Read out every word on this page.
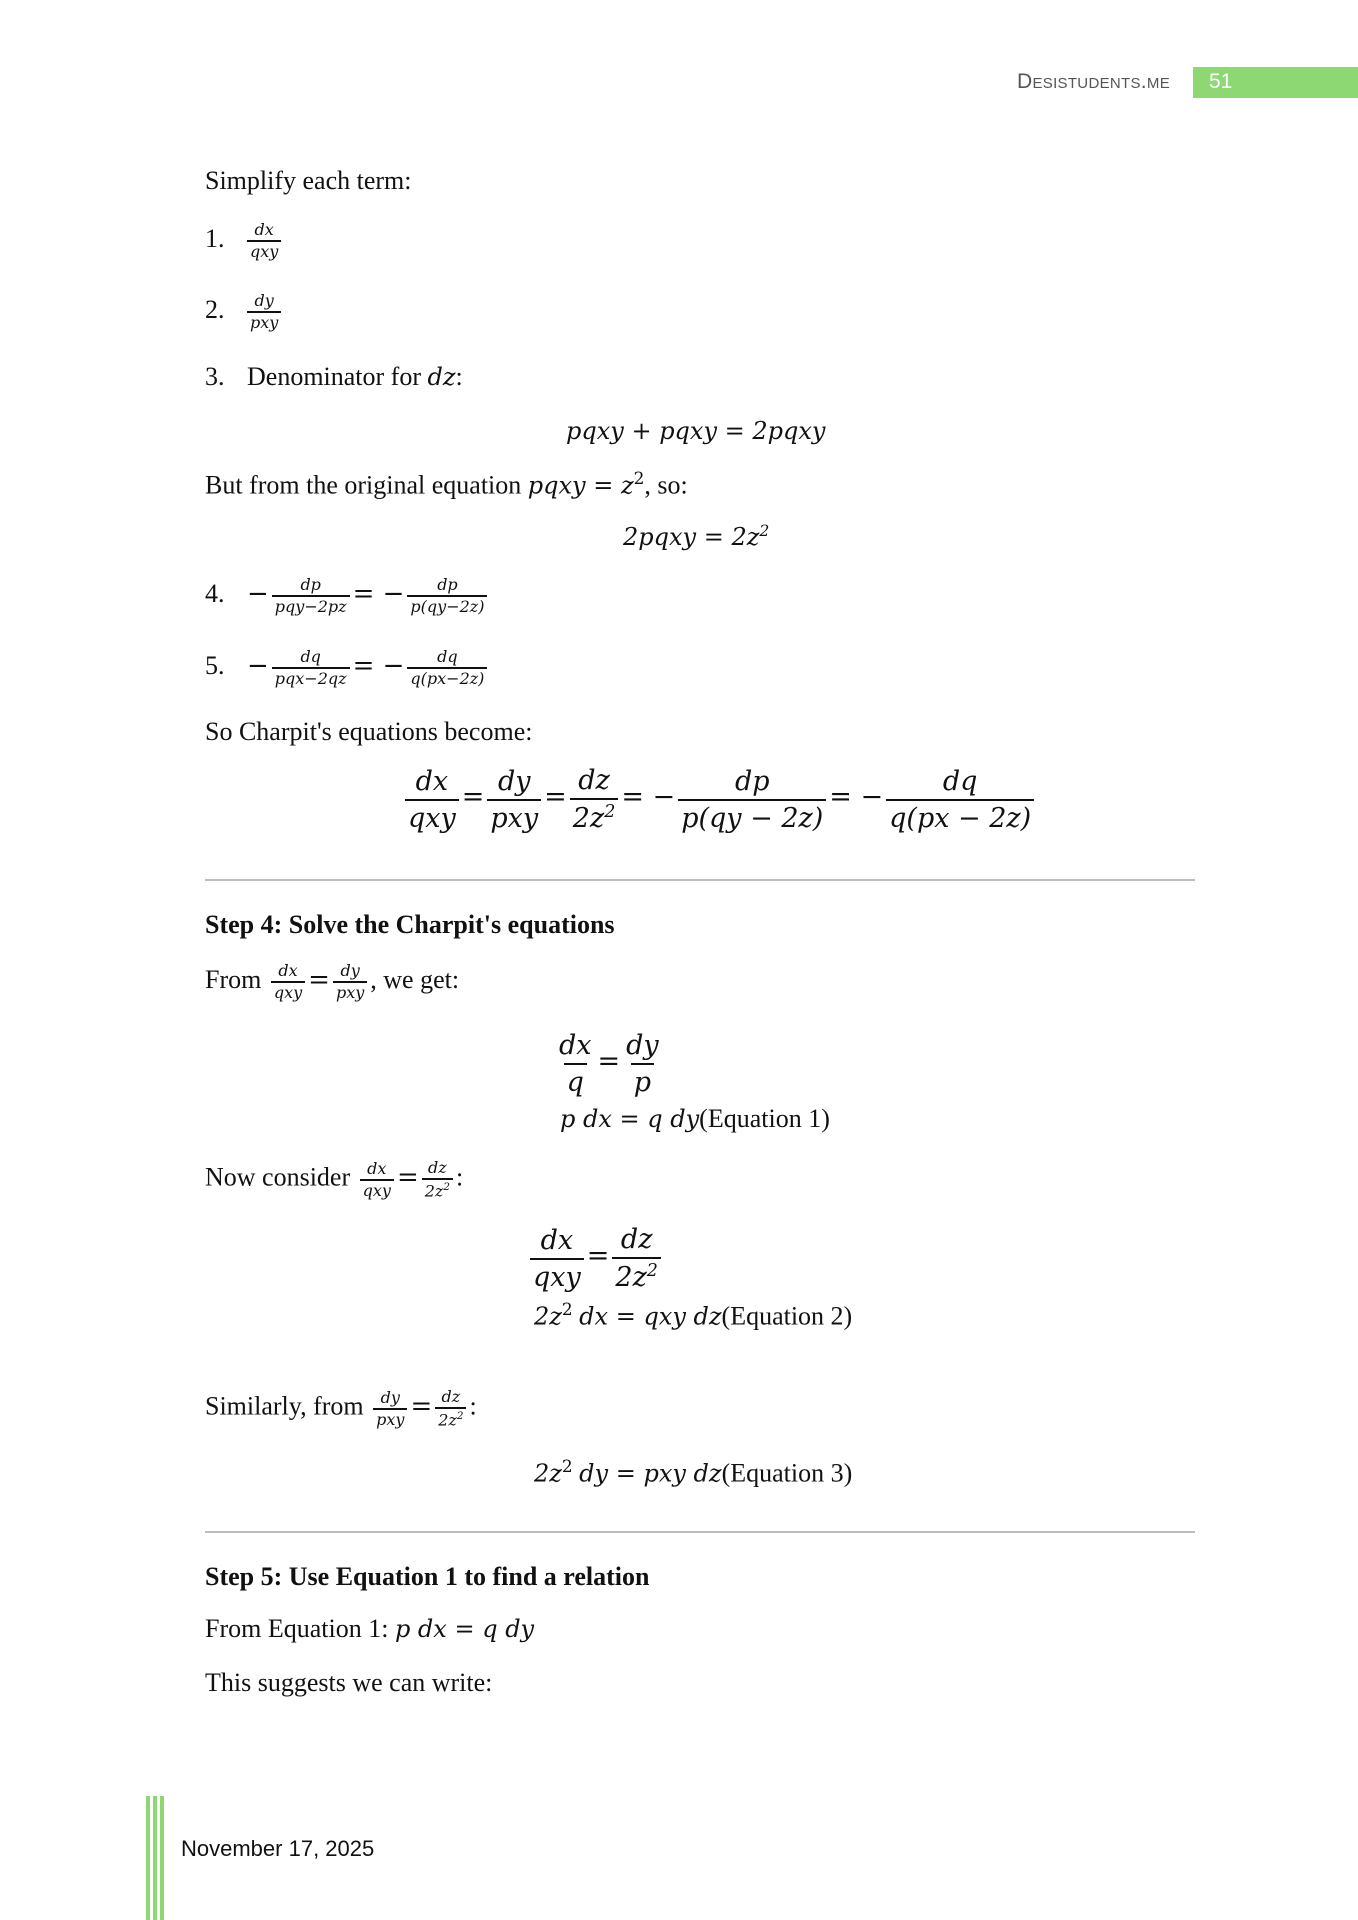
Desistudents.me 51
Simplify each term:
1. $\frac{dx}{\text{qxy}}$
2. $\frac{dy}{\text{pxy}}$
3. Denominator for dz:
pqxy + pqxy = 2pqxy
But from the original equation pqxy = $z^2$, so:
2pqxy = $2z^2$
4. − $\frac{dp}{\text{pqy−2pz}}$ = − $\frac{dp}{p(qy-2z)}$
5. − $\frac{dq}{\text{pqx−2qz}}$ = − $\frac{dq}{q(px-2z)}$
So Charpit's equations become:
$\frac{dx}{\text{qxy}} = \frac{dy}{\text{pxy}} = \frac{dz}{2z^2}$ = − $\frac{dp}{p(qy - 2z)}$ = − $\frac{dq}{q(px - 2z)}$
Step 4: Solve the Charpit's equations
From $\frac{dx}{\text{qxy}} = \frac{dy}{\text{pxy}}$ , we get:
$\frac{dx}{q} = \frac{dy}{p}$
p dx = q dy(Equation 1)
Now consider $\frac{dx}{\text{qxy}} = \frac{dz}{2z^2}$ :
$\frac{dx}{\text{qxy}} = \frac{dz}{2z^2}$
$2z^2$ dx = qxy dz(Equation 2)
Similarly, from $\frac{dy}{\text{pxy}} = \frac{dz}{2z^2}$ :
$2z^2$ dy = pxy dz(Equation 3)
Step 5: Use Equation 1 to find a relation
From Equation 1: p dx = q dy
This suggests we can write:
November 17, 2025
